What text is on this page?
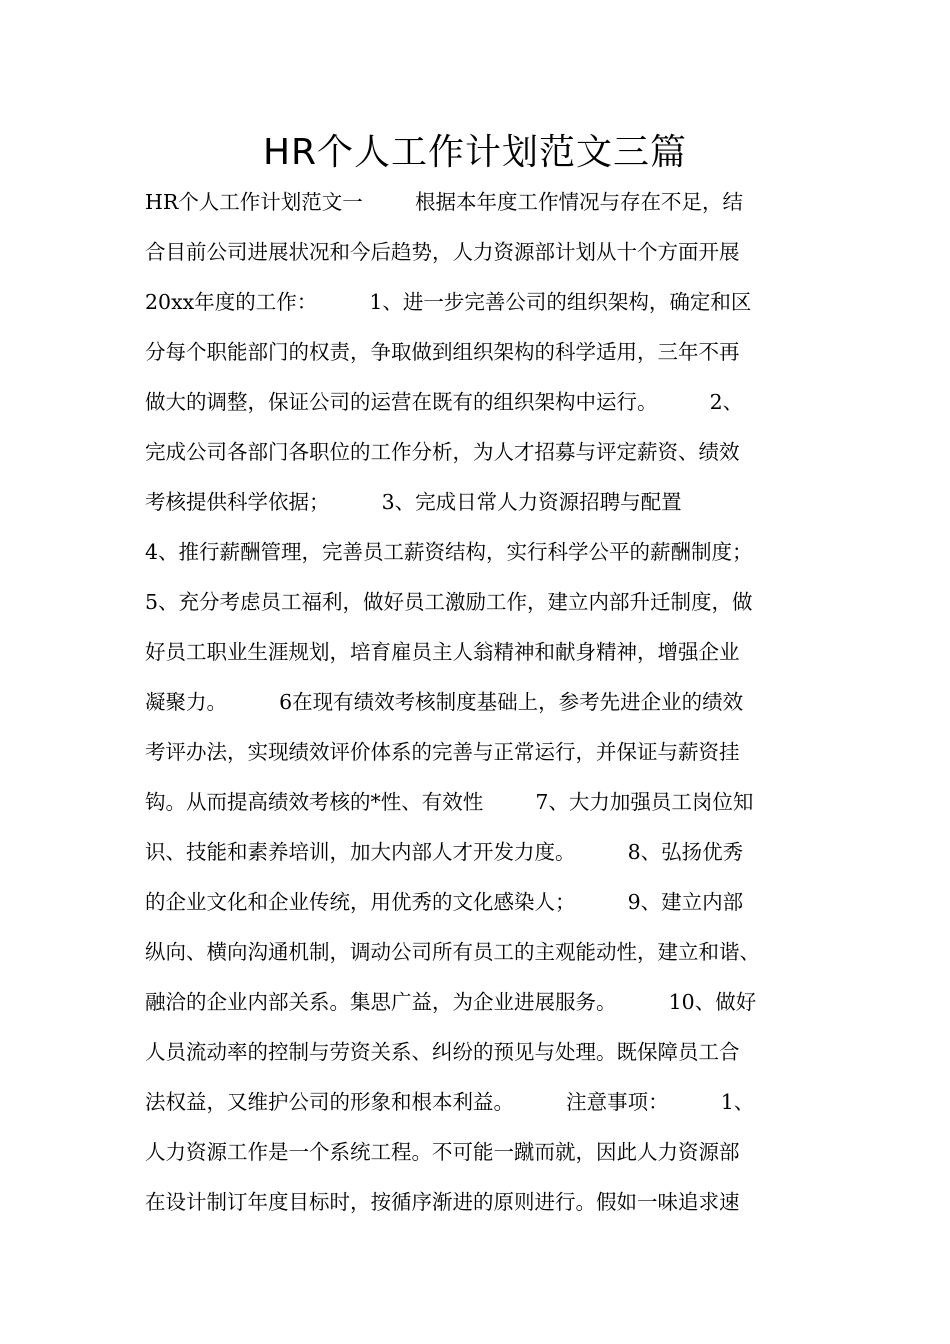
HR个人工作计划范文三篇
HR个人工作计划范文一        根据本年度工作情况与存在不足，结
合目前公司进展状况和今后趋势，人力资源部计划从十个方面开展
20xx年度的工作：        1、进一步完善公司的组织架构，确定和区
分每个职能部门的权责，争取做到组织架构的科学适用，三年不再
做大的调整，保证公司的运营在既有的组织架构中运行。        2、
完成公司各部门各职位的工作分析，为人才招募与评定薪资、绩效
考核提供科学依据；        3、完成日常人力资源招聘与配置
4、推行薪酬管理，完善员工薪资结构，实行科学公平的薪酬制度；
5、充分考虑员工福利，做好员工激励工作，建立内部升迁制度，做
好员工职业生涯规划，培育雇员主人翁精神和献身精神，增强企业
凝聚力。        6在现有绩效考核制度基础上，参考先进企业的绩效
考评办法，实现绩效评价体系的完善与正常运行，并保证与薪资挂
钩。从而提高绩效考核的*性、有效性        7、大力加强员工岗位知
识、技能和素养培训，加大内部人才开发力度。        8、弘扬优秀
的企业文化和企业传统，用优秀的文化感染人；        9、建立内部
纵向、横向沟通机制，调动公司所有员工的主观能动性，建立和谐、
融洽的企业内部关系。集思广益，为企业进展服务。        10、做好
人员流动率的控制与劳资关系、纠纷的预见与处理。既保障员工合
法权益，又维护公司的形象和根本利益。        注意事项：        1、
人力资源工作是一个系统工程。不可能一蹴而就，因此人力资源部
在设计制订年度目标时，按循序渐进的原则进行。假如一味追求速
